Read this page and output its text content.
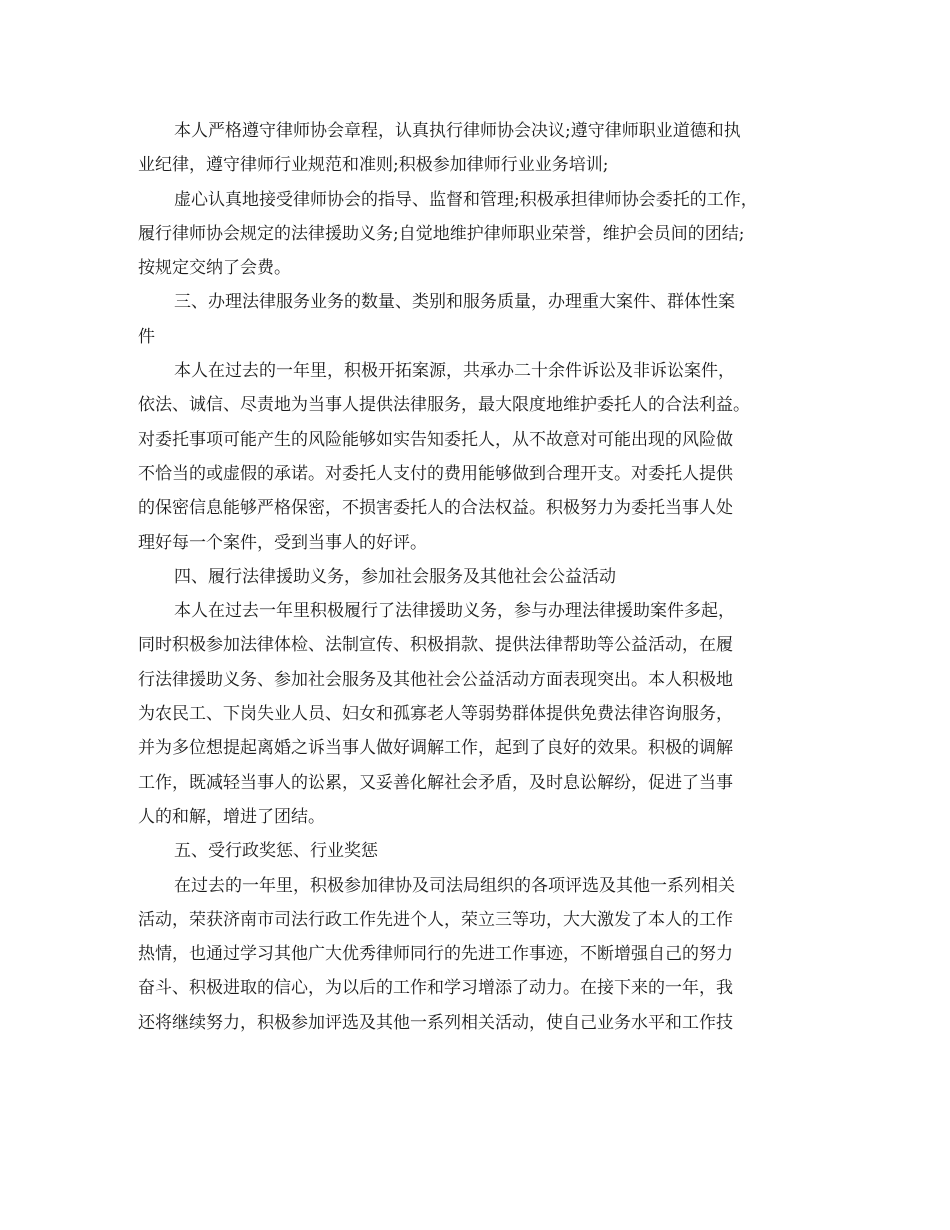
本人严格遵守律师协会章程，认真执行律师协会决议;遵守律师职业道德和执
业纪律，遵守律师行业规范和准则;积极参加律师行业业务培训;
虚心认真地接受律师协会的指导、监督和管理;积极承担律师协会委托的工作，
履行律师协会规定的法律援助义务;自觉地维护律师职业荣誉，维护会员间的团结;
按规定交纳了会费。
三、办理法律服务业务的数量、类别和服务质量，办理重大案件、群体性案
件
本人在过去的一年里，积极开拓案源，共承办二十余件诉讼及非诉讼案件，
依法、诚信、尽责地为当事人提供法律服务，最大限度地维护委托人的合法利益。
对委托事项可能产生的风险能够如实告知委托人，从不故意对可能出现的风险做
不恰当的或虚假的承诺。对委托人支付的费用能够做到合理开支。对委托人提供
的保密信息能够严格保密，不损害委托人的合法权益。积极努力为委托当事人处
理好每一个案件，受到当事人的好评。
四、履行法律援助义务，参加社会服务及其他社会公益活动
本人在过去一年里积极履行了法律援助义务，参与办理法律援助案件多起，
同时积极参加法律体检、法制宣传、积极捐款、提供法律帮助等公益活动，在履
行法律援助义务、参加社会服务及其他社会公益活动方面表现突出。本人积极地
为农民工、下岗失业人员、妇女和孤寡老人等弱势群体提供免费法律咨询服务，
并为多位想提起离婚之诉当事人做好调解工作，起到了良好的效果。积极的调解
工作，既减轻当事人的讼累，又妥善化解社会矛盾，及时息讼解纷，促进了当事
人的和解，增进了团结。
五、受行政奖惩、行业奖惩
在过去的一年里，积极参加律协及司法局组织的各项评选及其他一系列相关
活动，荣获济南市司法行政工作先进个人，荣立三等功，大大激发了本人的工作
热情，也通过学习其他广大优秀律师同行的先进工作事迹，不断增强自己的努力
奋斗、积极进取的信心，为以后的工作和学习增添了动力。在接下来的一年，我
还将继续努力，积极参加评选及其他一系列相关活动，使自己业务水平和工作技
